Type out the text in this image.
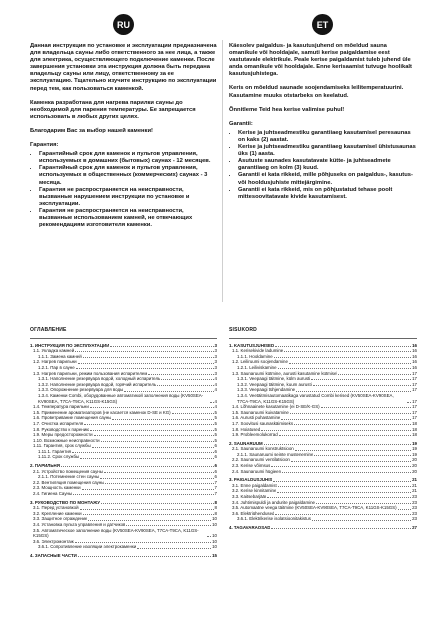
RU	ET

Данная инструкция по установке и эксплуатации предназначена для владельца сауны либо ответственного за нее лица, а также для электрика, осуществляющего подключение каменки. После завершения установки эта инструкция должна быть передана владельцу сауны или лицу, ответственному за ее эксплуатацию. Тщательно изучите инструкцию по эксплуатации перед тем, как пользоваться каменкой.

Каменка разработана для нагрева парилки сауны до необходимой для парения температуры. Ее запрещается использовать в любых других целях.

Благодарим Вас за выбор нашей каменки!

Гарантия:
• Гарантийный срок для каменок и пультов управления, используемых в домашних (бытовых) саунах - 12 месяцев.
• Гарантийный срок для каменок и пультов управления, используемых в общественных (коммерческих) саунах - 3 месяца.
• Гарантия не распространяется на неисправности, вызванные нарушением инструкции по установке и эксплуатации.
• Гарантия не распространяется на неисправности, вызванные использованием камней, не отвечающих рекомендациям изготовителя каменки.

Käesolev paigaldus- ja kasutusjuhend on mõeldud sauna omanikule või hooldajale, samuti kerise paigaldamise eest vastutavale elektrikule. Peale kerise paigaldamist tuleb juhend üle anda omanikule või hooldajale. Enne kerisaamist tutvuge hoolikalt kasutusjuhistega.

Keris on mõeldud saunade soojendamiseks leilitemperatuurini. Kasutamine muuks otstarbeks on keelatud.

Õnnitleme Teid hea kerise valimise puhul!

Garantii:
• Kerise ja juhtseadmestiku garantiiaeg kasutamisel peresaunas on kaks (2) aastat.
• Kerise ja juhtseadmestiku garantiiaeg kasutamisel ühistusaunas üks (1) aasta.
• Asutuste saunades kasutatavate kütte- ja juhtseadmete garantiiaeg on kolm (3) kuud.
• Garantii ei kata rikkeid, mille põhjuseks on paigaldus-, kasutus- või hooldusjuhiste mittejärgimine.
• Garantii ei kata rikkeid, mis on põhjustatud tehase poolt mittesoovitatavate kivide kasutamisest.
ОГЛАВЛЕНИЕ
1. ИНСТРУКЦИЯ ПО ЭКСПЛУАТАЦИИ	3
1.1. Укладка камней	3
1.1.1. Замена камней	3
1.2. Нагрев парильни	3
1.2.1. Пар в сауне	3
1.3. Нагрев парильни, режим пользования испарителем	3
1.3.1. Наполнение резервуара водой, холодный испаритель	4
1.3.2. Наполнение резервуара водой, горячий испаритель	4
1.3.3. Опорожнение резервуара для воды	4
1.3.4. Каменки Combi, оборудованные автоматикой заполнения воды (KV50SEA-KV90SEA, T7CA-T9CA, K11GS-K15GS)	4
1.4. Температура парильни	4
1.5. Применение ароматизаторов (не касается каменок D-SE и KG)	5
1.6. Проветривание помещения сауны	5
1.7. Очистка испарителя	5
1.8. Руководство к парению	5
1.9. Меры предосторожности	5
1.10. Возможные неисправности	5
1.11. Гарантия, срок службы	6
1.11.1. Гарантия	6
1.11.2. Срок службы	6
2. ПАРИЛЬНЯ	6
2.1. Устройство помещения сауны	6
2.1.1. Потемнение стен сауны	6
2.2. Вентиляция помещения сауны	7
2.3. Мощность каменки	7
2.4. Гигиена Сауны	7
3. РУКОВОДСТВО ПО МОНТАЖУ	8
3.1. Перед установкой	8
3.2. Крепление каменки	8
3.3. Защитное ограждение	10
3.4. Установка пульта управления и датчиков	10
3.5. Автоматическое заполнение воды (KV50SEA-KV90SEA, T7CA-T9CA, K11GS-K15GS)	10
3.6. Электромонтаж	10
3.6.1. Сопротивление изоляции электрокаменки	10
4. ЗАПАСНЫЕ ЧАСТИ	15
SISUKORD
1. KASUTUSJUHISED	16
1.1. Kerisekivide ladumine	16
1.1.1. Hooldamine	16
1.2. Leiliruumi soojendamine	16
1.2.1. Leiliviskamine	16
1.3. Saunaruumi kütmine, aurusti kasutamine kütmisel	17
1.3.1. Veepaagi täitmine, külm aurusti	17
1.3.2. Veepaagi täitmine, kuum aurusti	17
1.3.3. Veepaagi tühjendamine	17
1.3.4. Veetäitmisautomaatikaga varustatud Combi kerised (KV50SEA-KV90SEA, T7CA-T9CA, K11GS-K15GS)	17
1.4. Lõhnaainete kasutamine (ei D-SE/K-GS)	17
1.5. Saunaruumi kuivatamine	17
1.6. Aurusti puhastamine	17
1.7. Soovitusi saunaskäimiseks	18
1.8. Hoiatused	18
1.9. Probleemolukorrad	18
2. SAUNARUUM	19
2.1. Saunaruumi konstruktsioon	19
2.1.1. Saunaruumi seinte mustenemine	19
2.2. Saunaruumi ventilatsioon	20
2.3. Kerise võimsus	20
2.4. Saunaruumi hügieen	20
3. PAIGALDUSJUHIS	21
3.1. Enne paigaldamist	21
3.2. Kerise kinnitamine	21
3.3. Kaitsebarjäär	23
3.4. Juhtimispuldi ja andurite paigaldamine	23
3.5. Automaatne veega täitmine (KV50SEA-KV90SEA, T7CA-T9CA, K11GS-K15GS)	23
3.6. Elektriühendused	23
3.6.1. Elektrikerise isolatsioonitakistus	23
4. TAGAVARAOSAD	27
